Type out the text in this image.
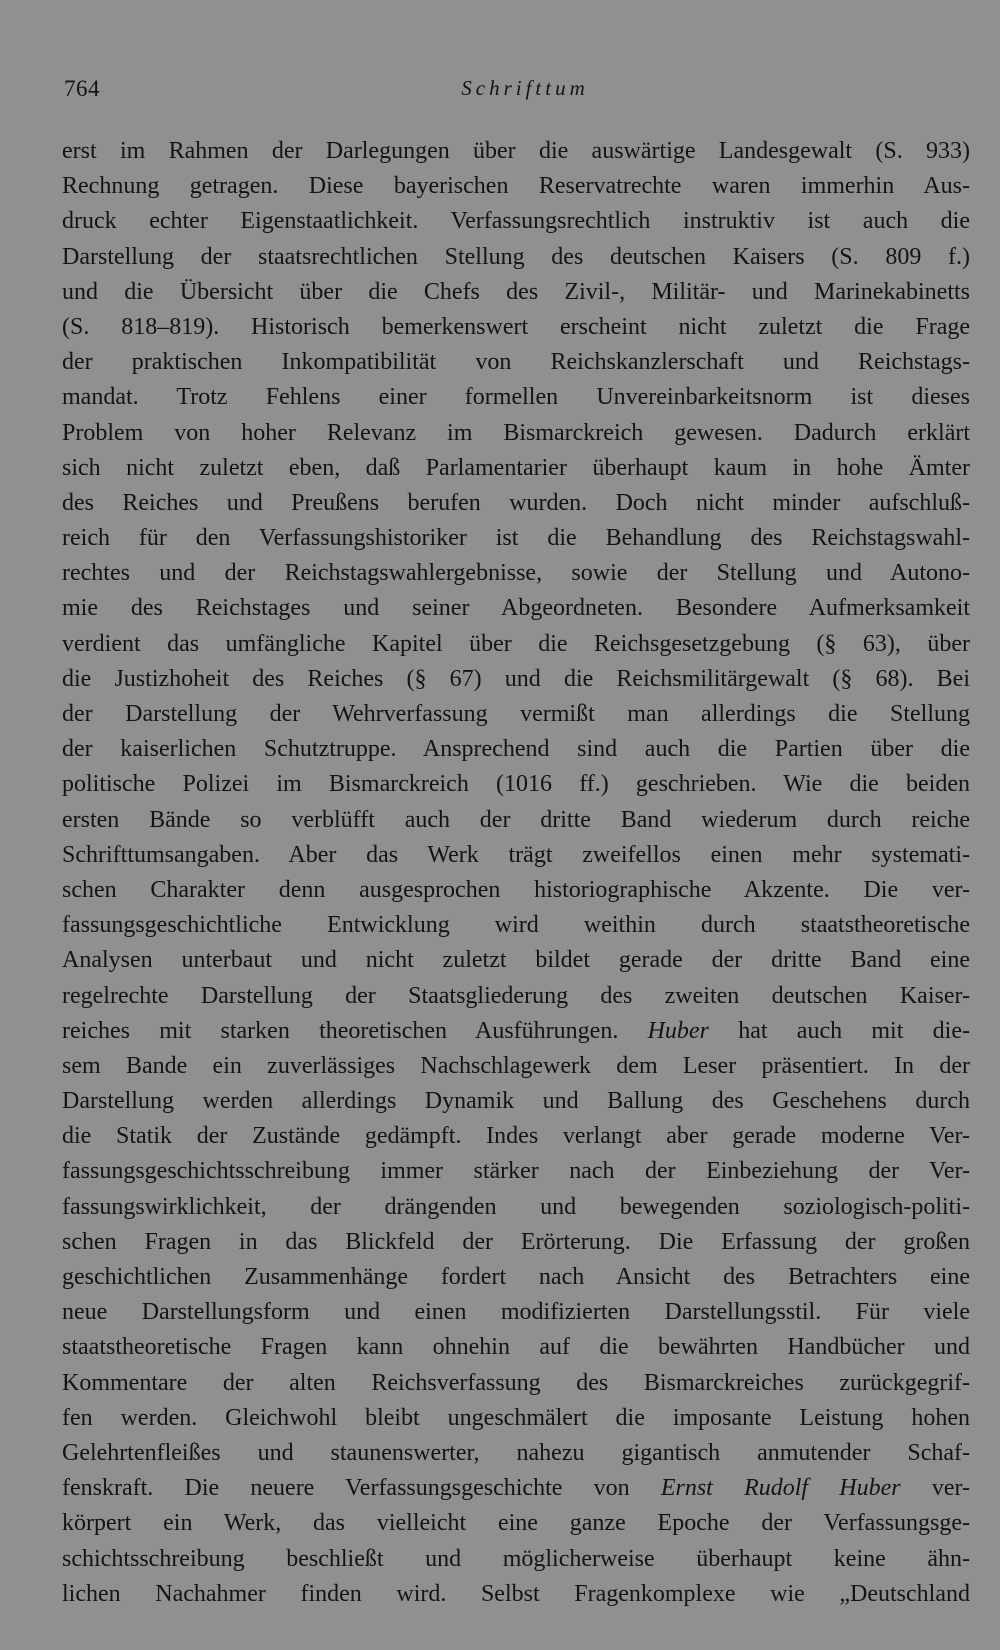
764	Schrifttum
erst im Rahmen der Darlegungen über die auswärtige Landesgewalt (S. 933)
Rechnung getragen. Diese bayerischen Reservatrechte waren immerhin Aus-
druck echter Eigenstaatlichkeit. Verfassungsrechtlich instruktiv ist auch die
Darstellung der staatsrechtlichen Stellung des deutschen Kaisers (S. 809 f.)
und die Übersicht über die Chefs des Zivil-, Militär- und Marinekabinetts
(S. 818–819). Historisch bemerkenswert erscheint nicht zuletzt die Frage
der praktischen Inkompatibilität von Reichskanzlerschaft und Reichstags-
mandat. Trotz Fehlens einer formellen Unvereinbarkeitsnorm ist dieses
Problem von hoher Relevanz im Bismarckreich gewesen. Dadurch erklärt
sich nicht zuletzt eben, daß Parlamentarier überhaupt kaum in hohe Ämter
des Reiches und Preußens berufen wurden. Doch nicht minder aufschluß-
reich für den Verfassungshistoriker ist die Behandlung des Reichstagswahl-
rechtes und der Reichstagswahlergebnisse, sowie der Stellung und Autono-
mie des Reichstages und seiner Abgeordneten. Besondere Aufmerksamkeit
verdient das umfängliche Kapitel über die Reichsgesetzgebung (§ 63), über
die Justizhoheit des Reiches (§ 67) und die Reichsmilitärgewalt (§ 68). Bei
der Darstellung der Wehrverfassung vermißt man allerdings die Stellung
der kaiserlichen Schutztruppe. Ansprechend sind auch die Partien über die
politische Polizei im Bismarckreich (1016 ff.) geschrieben. Wie die beiden
ersten Bände so verblüfft auch der dritte Band wiederum durch reiche
Schrifttumsangaben. Aber das Werk trägt zweifellos einen mehr systemati-
schen Charakter denn ausgesprochen historiographische Akzente. Die ver-
fassungsgeschichtliche Entwicklung wird weithin durch staatstheoretische
Analysen unterbaut und nicht zuletzt bildet gerade der dritte Band eine
regelrechte Darstellung der Staatsgliederung des zweiten deutschen Kaiser-
reiches mit starken theoretischen Ausführungen. Huber hat auch mit die-
sem Bande ein zuverlässiges Nachschlagewerk dem Leser präsentiert. In der
Darstellung werden allerdings Dynamik und Ballung des Geschehens durch
die Statik der Zustände gedämpft. Indes verlangt aber gerade moderne Ver-
fassungsgeschichtsschreibung immer stärker nach der Einbeziehung der Ver-
fassungswirklichkeit, der drängenden und bewegenden soziologisch-politi-
schen Fragen in das Blickfeld der Erörterung. Die Erfassung der großen
geschichtlichen Zusammenhänge fordert nach Ansicht des Betrachters eine
neue Darstellungsform und einen modifizierten Darstellungsstil. Für viele
staatstheoretische Fragen kann ohnehin auf die bewährten Handbücher und
Kommentare der alten Reichsverfassung des Bismarckreiches zurückgegrif-
fen werden. Gleichwohl bleibt ungeschmälert die imposante Leistung hohen
Gelehrtenfleißes und staunenswerter, nahezu gigantisch anmutender Schaf-
fenskraft. Die neuere Verfassungsgeschichte von Ernst Rudolf Huber ver-
körpert ein Werk, das vielleicht eine ganze Epoche der Verfassungsge-
schichtsschreibung beschließt und möglicherweise überhaupt keine ähn-
lichen Nachahmer finden wird. Selbst Fragenkomplexe wie „Deutschland
